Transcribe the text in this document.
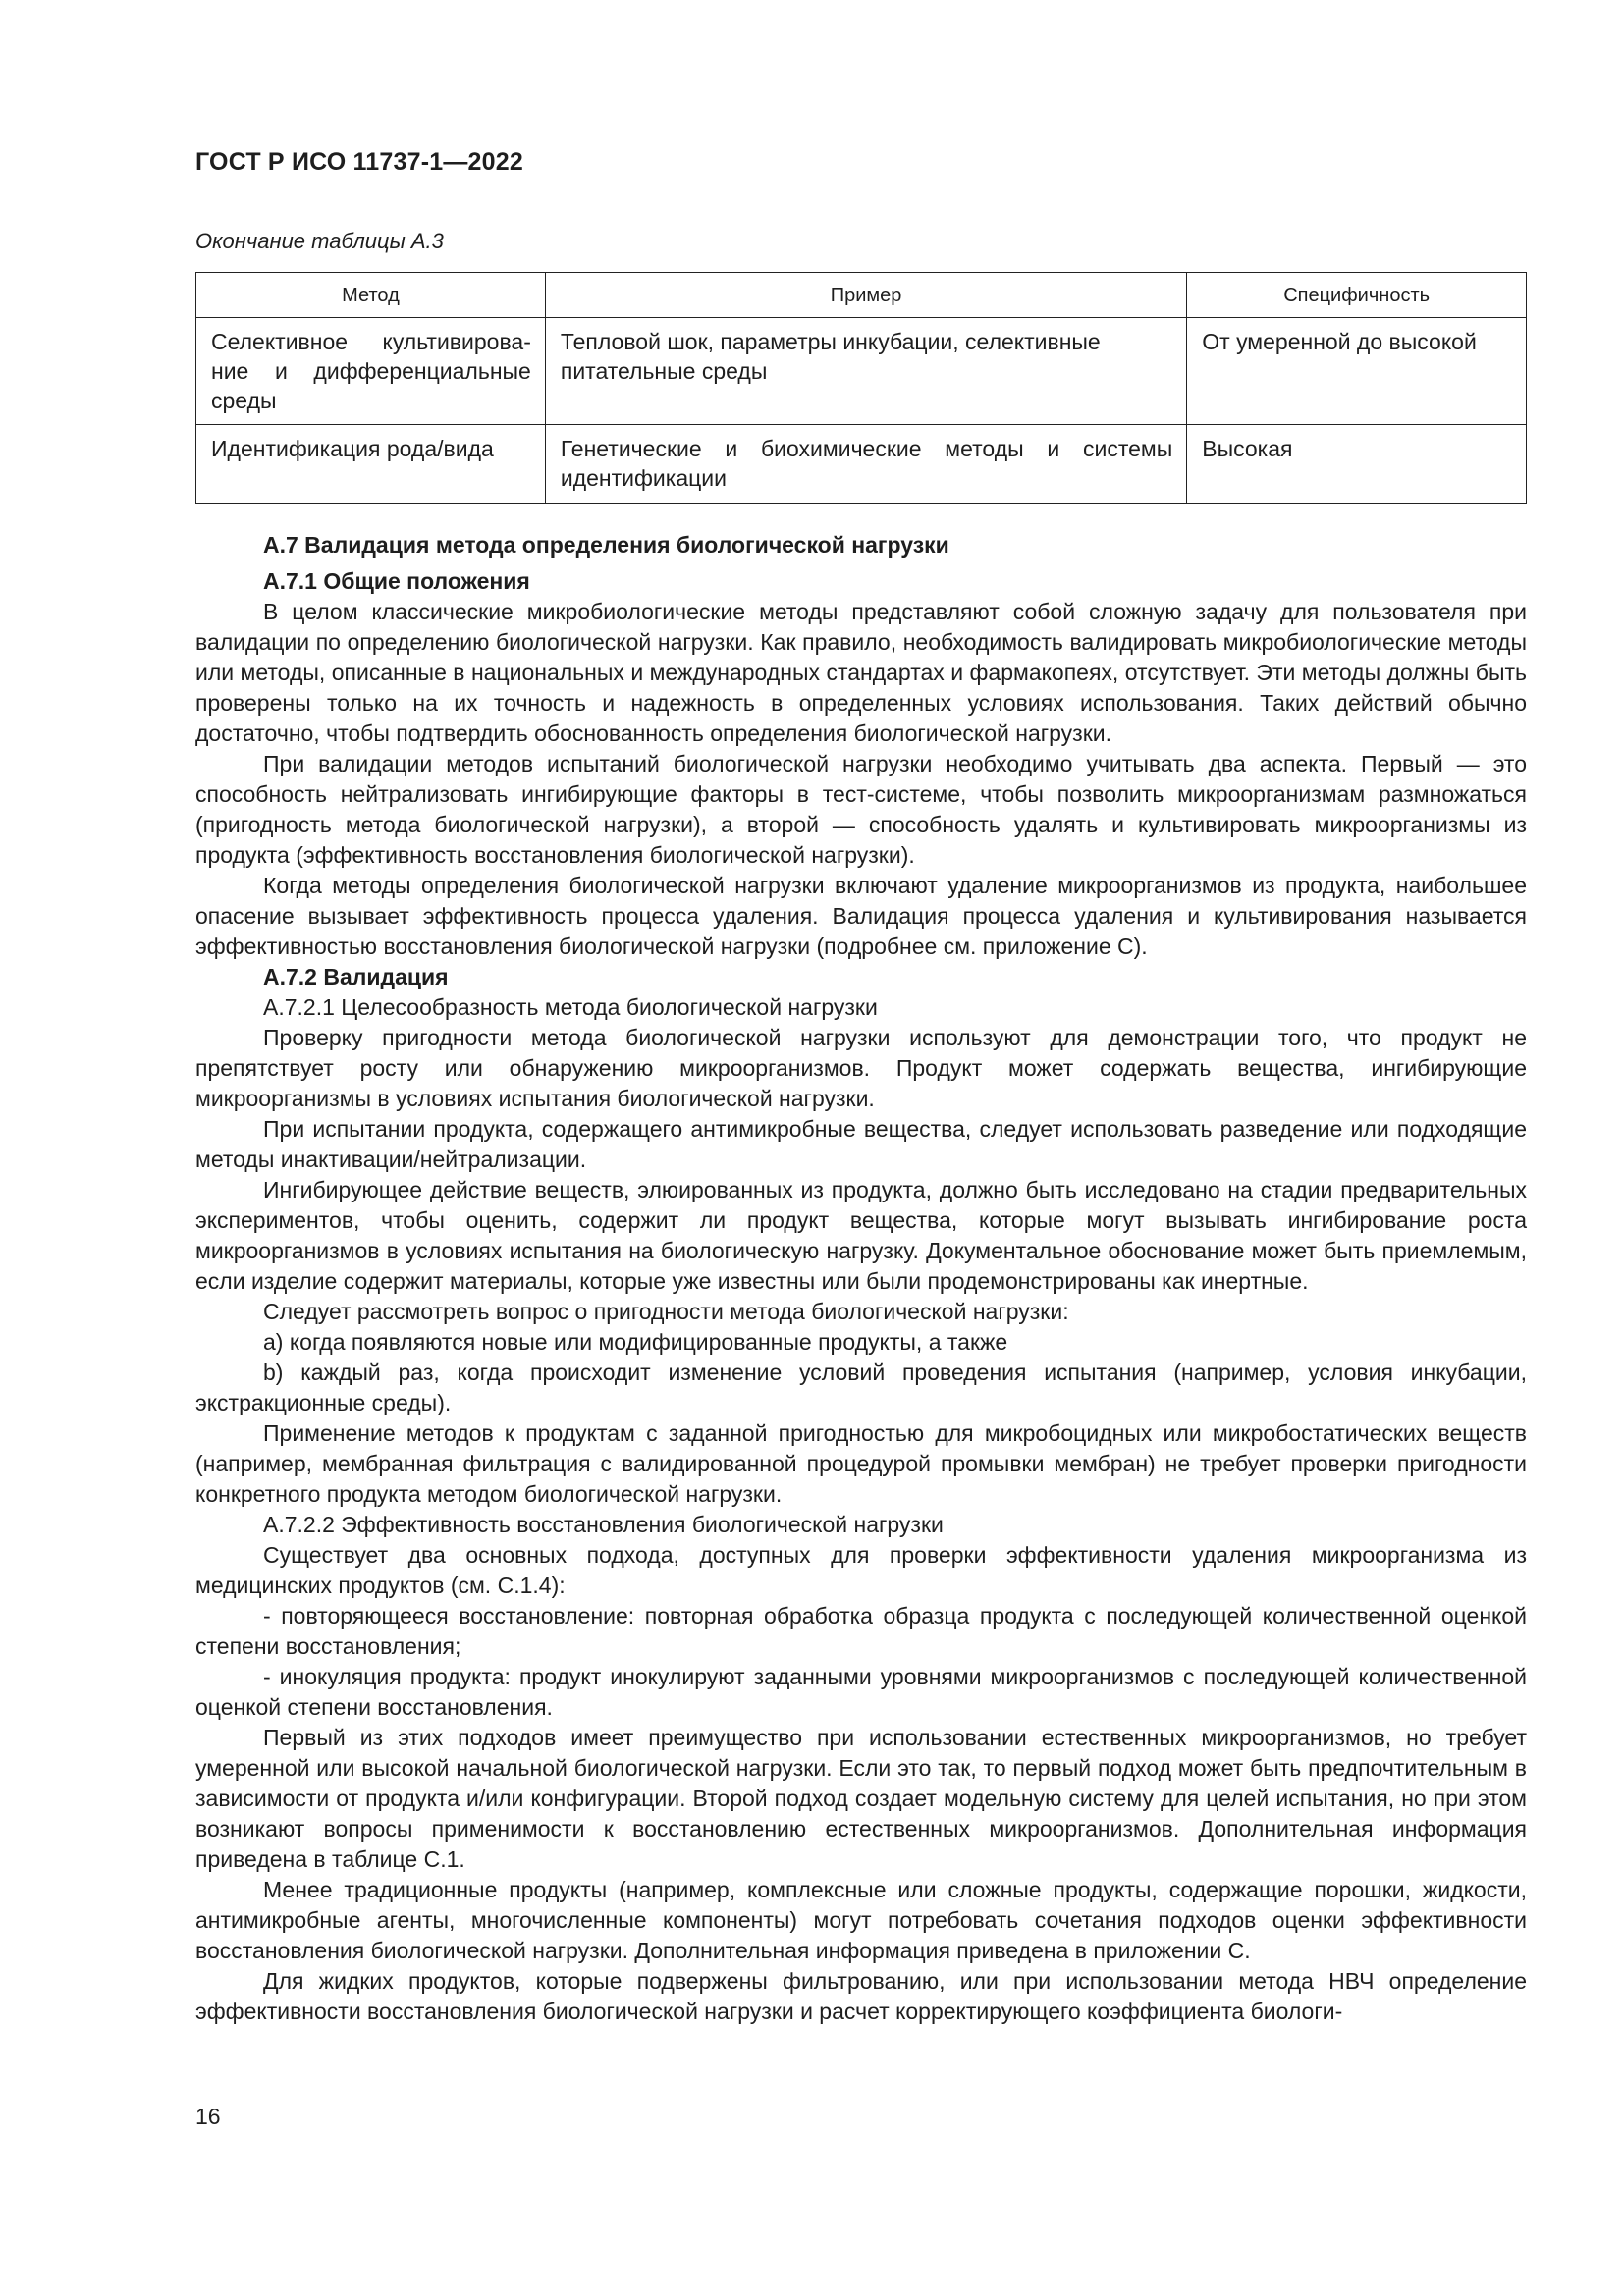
ГОСТ Р ИСО 11737-1—2022
Окончание таблицы А.3
Метод	Пример	Специфичность
Селективное культивирова-ние и дифференциальные среды	Тепловой шок, параметры инкубации, селективные питательные среды	От умеренной до высокой
Идентификация рода/вида	Генетические и биохимические методы и системы идентификации	Высокая
А.7 Валидация метода определения биологической нагрузки
А.7.1 Общие положения

В целом классические микробиологические методы представляют собой сложную задачу для пользователя при валидации по определению биологической нагрузки. Как правило, необходимость валидировать микробиологические методы или методы, описанные в национальных и международных стандартах и фармакопеях, отсутствует. Эти методы должны быть проверены только на их точность и надежность в определенных условиях использования. Таких действий обычно достаточно, чтобы подтвердить обоснованность определения биологической нагрузки.

При валидации методов испытаний биологической нагрузки необходимо учитывать два аспекта. Первый — это способность нейтрализовать ингибирующие факторы в тест-системе, чтобы позволить микроорганизмам размножаться (пригодность метода биологической нагрузки), а второй — способность удалять и культивировать микроорганизмы из продукта (эффективность восстановления биологической нагрузки).

Когда методы определения биологической нагрузки включают удаление микроорганизмов из продукта, наибольшее опасение вызывает эффективность процесса удаления. Валидация процесса удаления и культивирования называется эффективностью восстановления биологической нагрузки (подробнее см. приложение С).

А.7.2 Валидация
А.7.2.1 Целесообразность метода биологической нагрузки

Проверку пригодности метода биологической нагрузки используют для демонстрации того, что продукт не препятствует росту или обнаружению микроорганизмов. Продукт может содержать вещества, ингибирующие микроорганизмы в условиях испытания биологической нагрузки.

При испытании продукта, содержащего антимикробные вещества, следует использовать разведение или подходящие методы инактивации/нейтрализации.

Ингибирующее действие веществ, элюированных из продукта, должно быть исследовано на стадии предварительных экспериментов, чтобы оценить, содержит ли продукт вещества, которые могут вызывать ингибирование роста микроорганизмов в условиях испытания на биологическую нагрузку. Документальное обоснование может быть приемлемым, если изделие содержит материалы, которые уже известны или были продемонстрированы как инертные.

Следует рассмотреть вопрос о пригодности метода биологической нагрузки:

а) когда появляются новые или модифицированные продукты, а также

b) каждый раз, когда происходит изменение условий проведения испытания (например, условия инкубации, экстракционные среды).

Применение методов к продуктам с заданной пригодностью для микробоцидных или микробостатических веществ (например, мембранная фильтрация с валидированной процедурой промывки мембран) не требует проверки пригодности конкретного продукта методом биологической нагрузки.

А.7.2.2 Эффективность восстановления биологической нагрузки

Существует два основных подхода, доступных для проверки эффективности удаления микроорганизма из медицинских продуктов (см. С.1.4):

- повторяющееся восстановление: повторная обработка образца продукта с последующей количественной оценкой степени восстановления;

- инокуляция продукта: продукт инокулируют заданными уровнями микроорганизмов с последующей количественной оценкой степени восстановления.

Первый из этих подходов имеет преимущество при использовании естественных микроорганизмов, но требует умеренной или высокой начальной биологической нагрузки. Если это так, то первый подход может быть предпочтительным в зависимости от продукта и/или конфигурации. Второй подход создает модельную систему для целей испытания, но при этом возникают вопросы применимости к восстановлению естественных микроорганизмов. Дополнительная информация приведена в таблице С.1.

Менее традиционные продукты (например, комплексные или сложные продукты, содержащие порошки, жидкости, антимикробные агенты, многочисленные компоненты) могут потребовать сочетания подходов оценки эффективности восстановления биологической нагрузки. Дополнительная информация приведена в приложении С.

Для жидких продуктов, которые подвержены фильтрованию, или при использовании метода НВЧ определение эффективности восстановления биологической нагрузки и расчет корректирующего коэффициента биологи-

16
